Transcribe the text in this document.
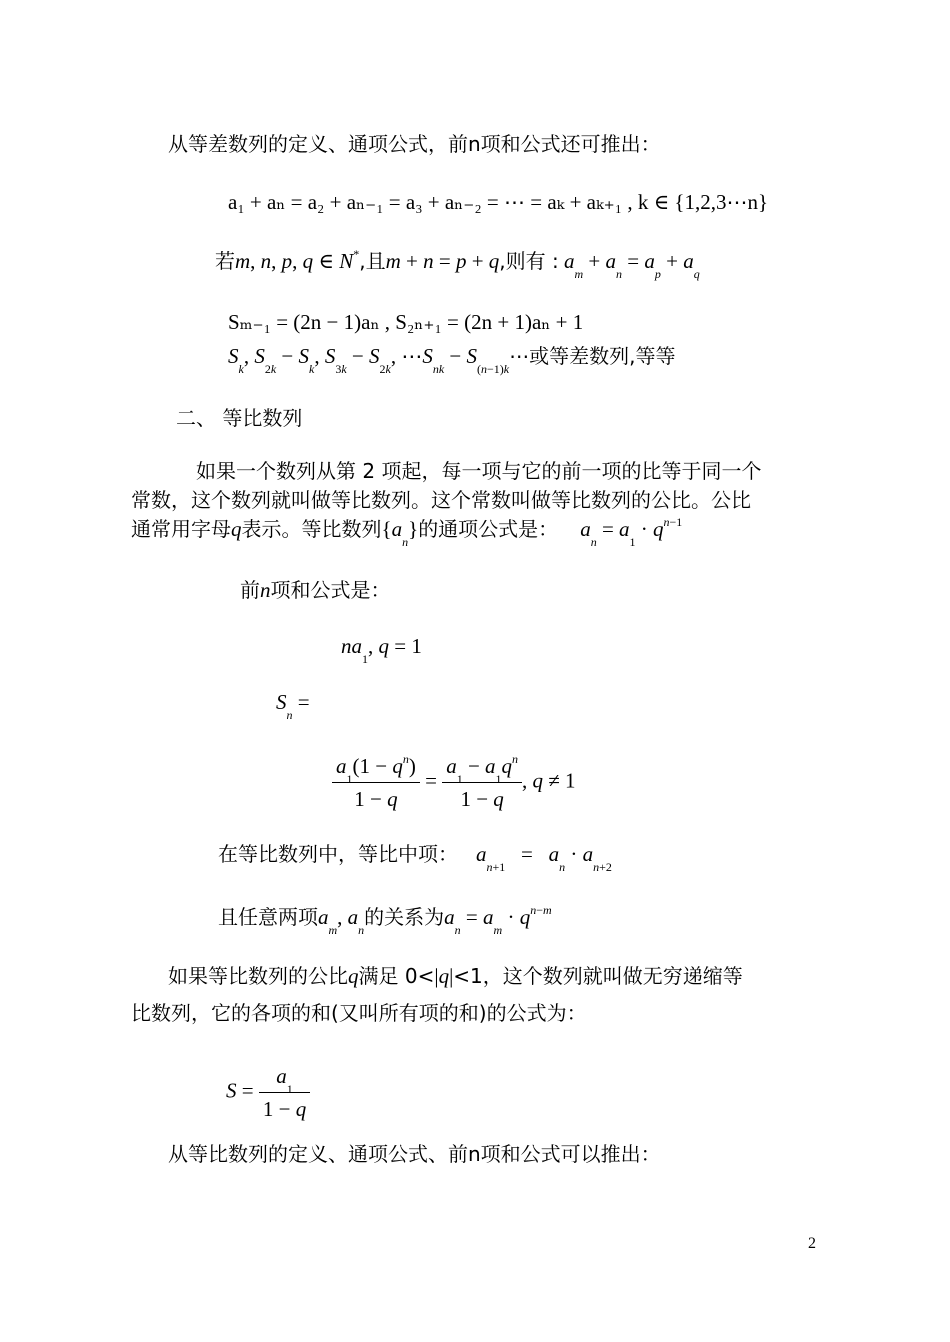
从等差数列的定义、通项公式，前n项和公式还可推出：
a₁ + aₙ = a₂ + aₙ₋₁ = a₃ + aₙ₋₂ = ⋯ = aₖ + aₖ₊₁ , k ∈ {1,2,3⋯n}
若m, n, p, q ∈ N*,且m + n = p + q,则有 : $a_m + a_n = a_p + a_q$
Sₘ₋₁ = (2n − 1)aₙ , S₂ₙ₊₁ = (2n + 1)aₙ + 1
$S_k$, $S_{2k} - S_k$, $S_{3k} - S_{2k}$, $\cdots S_{nk}$ − $S_{(n-1)k}\cdots$或等差数列,等等
二、 等比数列
如果一个数列从第 2 项起，每一项与它的前一项的比等于同一个
常数，这个数列就叫做等比数列。这个常数叫做等比数列的公比。公比
通常用字母q表示。等比数列$\{a_n\}$的通项公式是： $a_n = a_1 \cdot q^{n-1}$
前n项和公式是：
$na_1$, q = 1
$S_n$ =
$\frac{a_1(1 - q^n)}{1 - q} = \frac{a_1 - a_1q^n}{1 - q}$ , q ≠ 1
在等比数列中，等比中项： $a_{n+1} = a_n \cdot a_{n+2}$
且任意两项$a_m$, $a_n$的关系为$a_n = a_m \cdot q^{n-m}$
如果等比数列的公比q满足 0<|q|<1，这个数列就叫做无穷递缩等
比数列，它的各项的和(又叫所有项的和)的公式为：
$S = \frac{a_1}{1 - q}$
从等比数列的定义、通项公式、前n项和公式可以推出：
2
